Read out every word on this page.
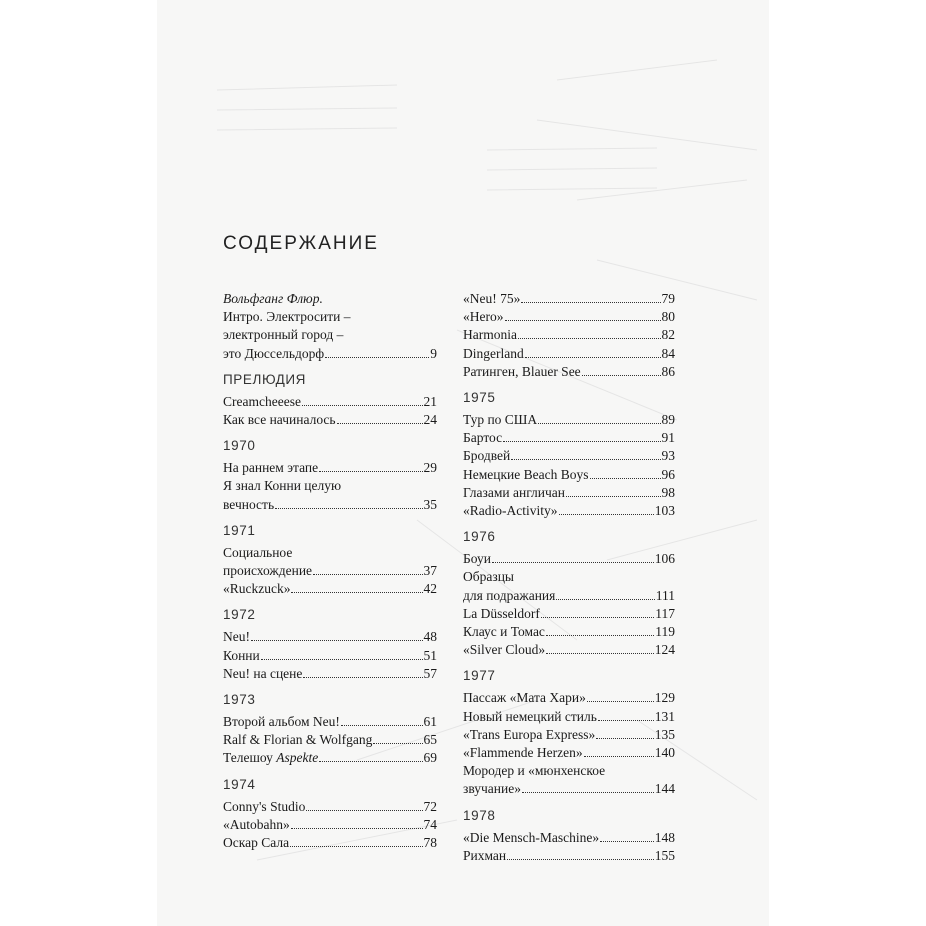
СОДЕРЖАНИЕ
Вольфганг Флюр.
Интро. Электросити –
электронный город –
это Дюссельдорф	9
ПРЕЛЮДИЯ
Creamcheeese	21
Как все начиналось	24
1970
На раннем этапе	29
Я знал Конни целую
вечность	35
1971
Социальное
происхождение	37
«Ruckzuck»	42
1972
Neu!	48
Конни	51
Neu! на сцене	57
1973
Второй альбом Neu!	61
Ralf & Florian & Wolfgang	65
Телешоу Aspekte	69
1974
Conny's Studio	72
«Autobahn»	74
Оскар Сала	78
«Neu! 75»	79
«Hero»	80
Harmonia	82
Dingerland	84
Ратинген, Blauer See	86
1975
Тур по США	89
Бартос	91
Бродвей	93
Немецкие Beach Boys	96
Глазами англичан	98
«Radio-Activity»	103
1976
Боуи	106
Образцы
для подражания	111
La Düsseldorf	117
Клаус и Томас	119
«Silver Cloud»	124
1977
Пассаж «Мата Хари»	129
Новый немецкий стиль	131
«Trans Europa Express»	135
«Flammende Herzen»	140
Мородер и «мюнхенское
звучание»	144
1978
«Die Mensch-Maschine»	148
Рихман	155
